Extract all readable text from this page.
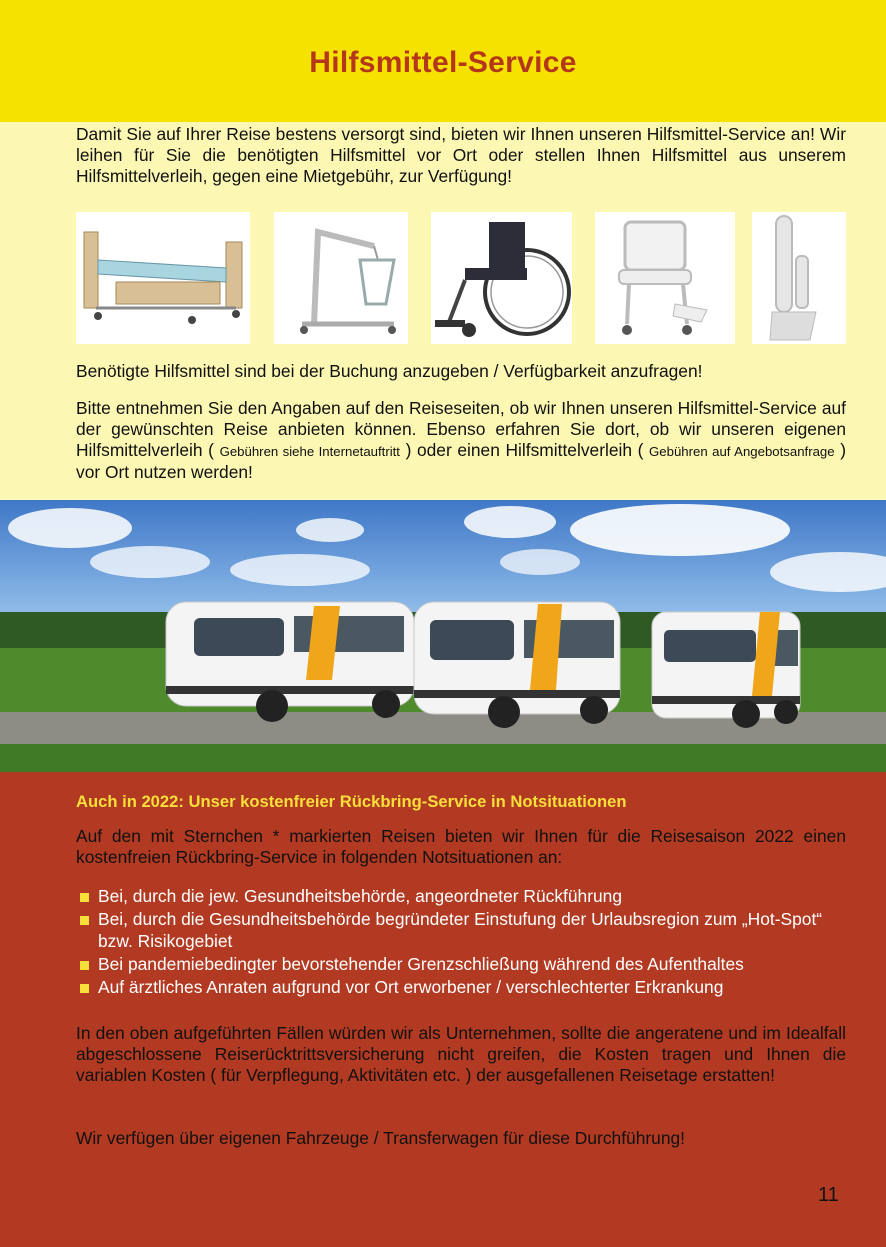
Hilfsmittel-Service
Damit Sie auf Ihrer Reise bestens versorgt sind, bieten wir Ihnen unseren Hilfsmittel-Service an! Wir leihen für Sie die benötigten Hilfsmittel vor Ort oder stellen Ihnen Hilfsmittel aus unserem Hilfsmittelverleih, gegen eine Mietgebühr, zur Verfügung!
Benötigte Hilfsmittel sind bei der Buchung anzugeben / Verfügbarkeit anzufragen!
Bitte entnehmen Sie den Angaben auf den Reiseseiten, ob wir Ihnen unseren Hilfsmittel-Service auf der gewünschten Reise anbieten können. Ebenso erfahren Sie dort, ob wir unseren eigenen Hilfsmittelverleih ( Gebühren siehe Internetauftritt ) oder einen Hilfsmittelverleih ( Gebühren auf Angebotsanfrage ) vor Ort nutzen werden!
Auch in 2022: Unser kostenfreier Rückbring-Service in Notsituationen
Auf den mit Sternchen * markierten Reisen bieten wir Ihnen für die Reisesaison 2022 einen kostenfreien Rückbring-Service in folgenden Notsituationen an:
Bei, durch die jew. Gesundheitsbehörde, angeordneter Rückführung
Bei, durch die Gesundheitsbehörde begründeter Einstufung der Urlaubsregion zum „Hot-Spot“ bzw. Risikogebiet
Bei pandemiebedingter bevorstehender Grenzschließung während des Aufenthaltes
Auf ärztliches Anraten aufgrund vor Ort erworbener / verschlechterter Erkrankung
In den oben aufgeführten Fällen würden wir als Unternehmen, sollte die angeratene und im Idealfall abgeschlossene Reiserücktrittsversicherung nicht greifen, die Kosten tragen und Ihnen die variablen Kosten ( für Verpflegung, Aktivitäten etc. ) der ausgefallenen Reisetage erstatten!
Wir verfügen über eigenen Fahrzeuge / Transferwagen für diese Durchführung!
11
